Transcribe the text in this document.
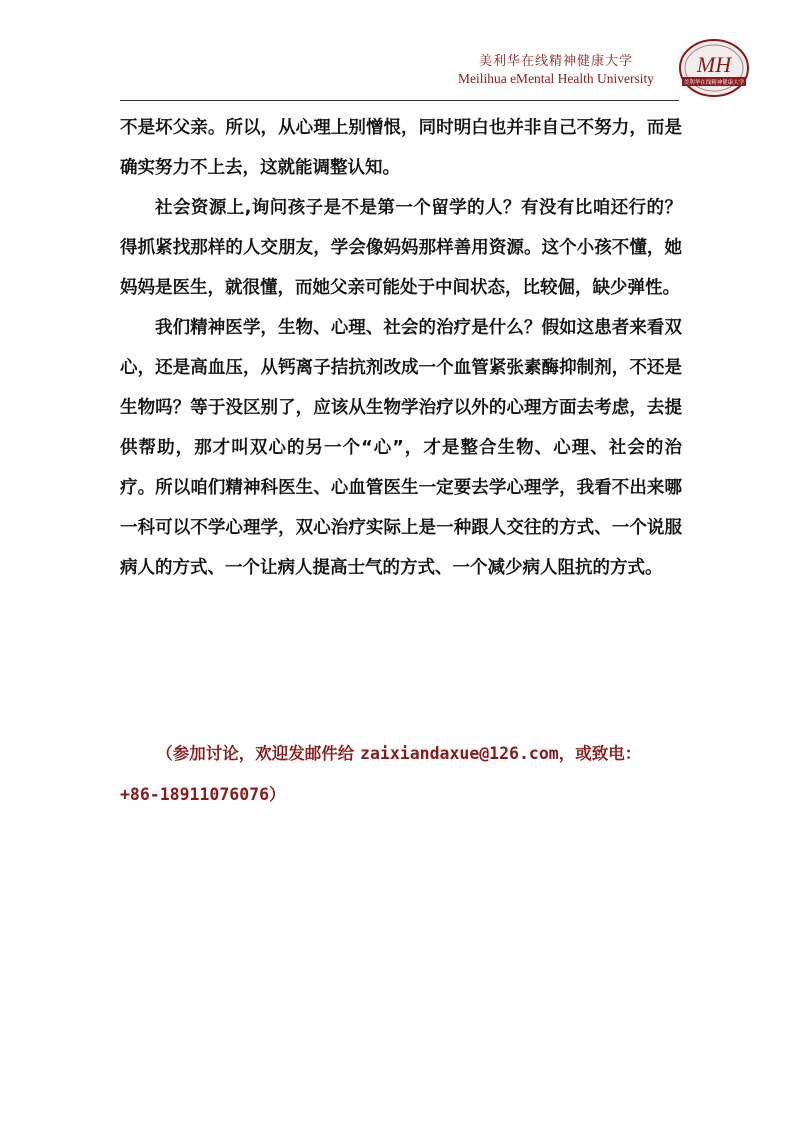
美利华在线精神健康大学
Meilihua eMental Health University
MH
美利华在线精神健康大学

不是坏父亲。所以，从心理上别憎恨，同时明白也并非自己不努力，而是确实努力不上去，这就能调整认知。

社会资源上,询问孩子是不是第一个留学的人？有没有比咱还行的？得抓紧找那样的人交朋友，学会像妈妈那样善用资源。这个小孩不懂，她妈妈是医生，就很懂，而她父亲可能处于中间状态，比较倔，缺少弹性。

我们精神医学，生物、心理、社会的治疗是什么？假如这患者来看双心，还是高血压，从钙离子拮抗剂改成一个血管紧张素酶抑制剂，不还是生物吗？等于没区别了，应该从生物学治疗以外的心理方面去考虑，去提供帮助，那才叫双心的另一个“心”，才是整合生物、心理、社会的治疗。所以咱们精神科医生、心血管医生一定要去学心理学，我看不出来哪一科可以不学心理学，双心治疗实际上是一种跟人交往的方式、一个说服病人的方式、一个让病人提高士气的方式、一个减少病人阻抗的方式。

（参加讨论，欢迎发邮件给 zaixiandaxue@126.com，或致电：

+86-18911076076）
